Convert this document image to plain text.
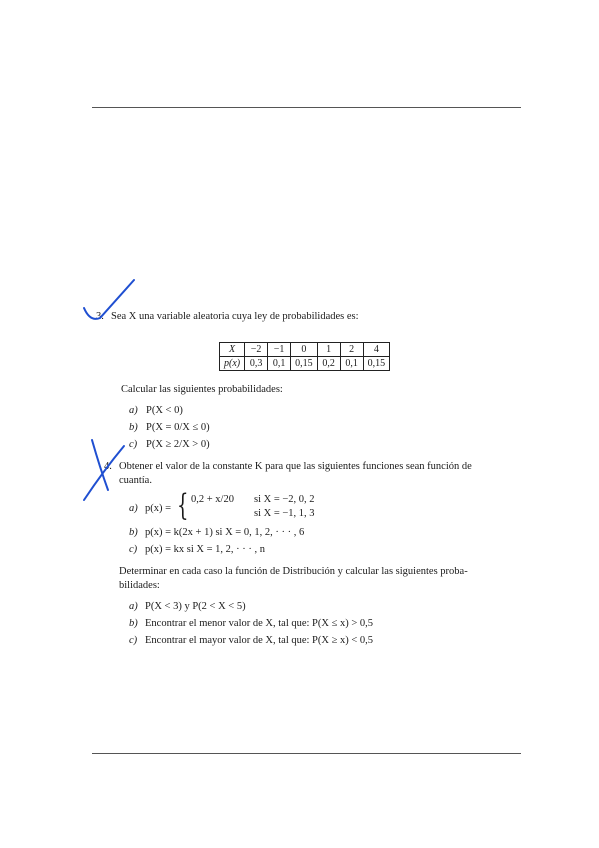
3. Sea X una variable aleatoria cuya ley de probabilidades es:
X	−2	−1	0	1	2	4
p(x)	0,3	0,1	0,15	0,2	0,1	0,15
Calcular las siguientes probabilidades:
a) P(X < 0)
b) P(X = 0/X ≤ 0)
c) P(X ≥ 2/X > 0)
4. Obtener el valor de la constante K para que las siguientes funciones sean función de
cuantía.
a) p(x) = { 0,2 + x/20 si X = −2, 0, 2
si X = −1, 1, 3
b) p(x) = k(2x + 1) si X = 0, 1, 2, · · · , 6
c) p(x) = kx si X = 1, 2, · · · , n
Determinar en cada caso la función de Distribución y calcular las siguientes proba-
bilidades:
a) P(X < 3) y P(2 < X < 5)
b) Encontrar el menor valor de X, tal que: P(X ≤ x) > 0,5
c) Encontrar el mayor valor de X, tal que: P(X ≥ x) < 0,5
